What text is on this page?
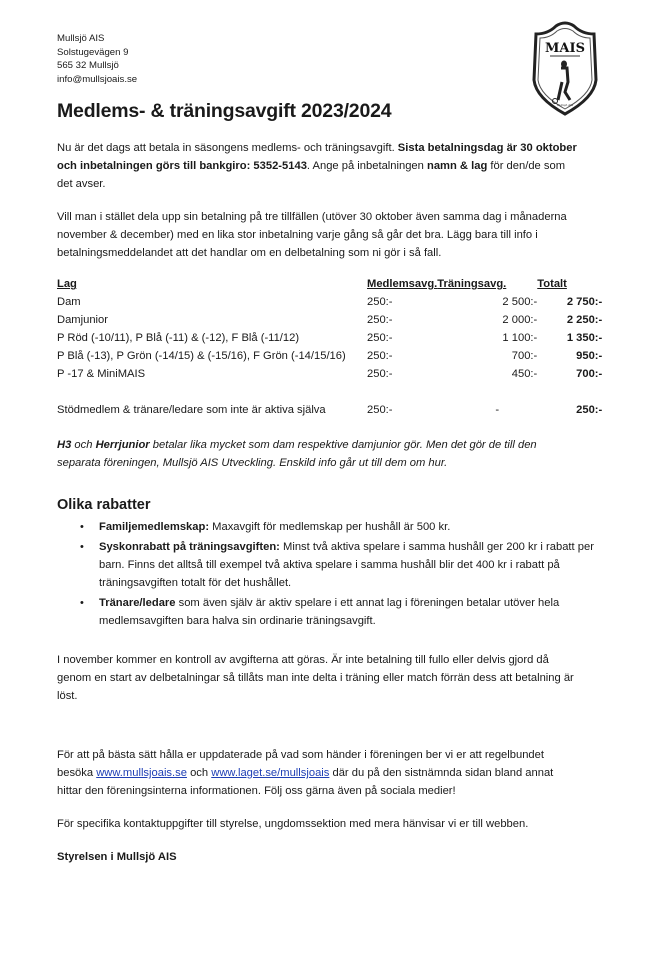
Mullsjö AIS
Solstugevägen 9
565 32 Mullsjö
info@mullsjoais.se
MAIS
Mullsjö AIS
Medlems- & träningsavgift 2023/2024

Nu är det dags att betala in säsongens medlems- och träningsavgift. Sista betalningsdag är 30 oktober och inbetalningen görs till bankgiro: 5352-5143. Ange på inbetalningen namn & lag för den/de som det avser.

Vill man i stället dela upp sin betalning på tre tillfällen (utöver 30 oktober även samma dag i månaderna november & december) med en lika stor inbetalning varje gång så går det bra. Lägg bara till info i betalningsmeddelandet att det handlar om en delbetalning som ni gör i så fall.

Lag	Medlemsavg.	Träningsavg.	Totalt
Dam	250:-	2 500:-	2 750:-
Damjunior	250:-	2 000:-	2 250:-
P Röd (-10/11), P Blå (-11) & (-12), F Blå (-11/12)	250:-	1 100:-	1 350:-
P Blå (-13), P Grön (-14/15) & (-15/16), F Grön (-14/15/16)	250:-	700:-	950:-
P -17 & MiniMAIS	250:-	450:-	700:-

Stödmedlem & tränare/ledare som inte är aktiva själva	250:-	-	250:-

H3 och Herrjunior betalar lika mycket som dam respektive damjunior gör. Men det gör de till den separata föreningen, Mullsjö AIS Utveckling. Enskild info går ut till dem om hur.

Olika rabatter
• Familjemedlemskap: Maxavgift för medlemskap per hushåll är 500 kr.
• Syskonrabatt på träningsavgiften: Minst två aktiva spelare i samma hushåll ger 200 kr i rabatt per barn. Finns det alltså till exempel två aktiva spelare i samma hushåll blir det 400 kr i rabatt på träningsavgiften totalt för det hushållet.
• Tränare/ledare som även själv är aktiv spelare i ett annat lag i föreningen betalar utöver hela medlemsavgiften bara halva sin ordinarie träningsavgift.

I november kommer en kontroll av avgifterna att göras. Är inte betalning till fullo eller delvis gjord då genom en start av delbetalningar så tillåts man inte delta i träning eller match förrän dess att betalning är löst.

För att på bästa sätt hålla er uppdaterade på vad som händer i föreningen ber vi er att regelbundet besöka www.mullsjoais.se och www.laget.se/mullsjoais där du på den sistnämnda sidan bland annat hittar den föreningsinterna informationen. Följ oss gärna även på sociala medier!

För specifika kontaktuppgifter till styrelse, ungdomssektion med mera hänvisar vi er till webben.

Styrelsen i Mullsjö AIS
